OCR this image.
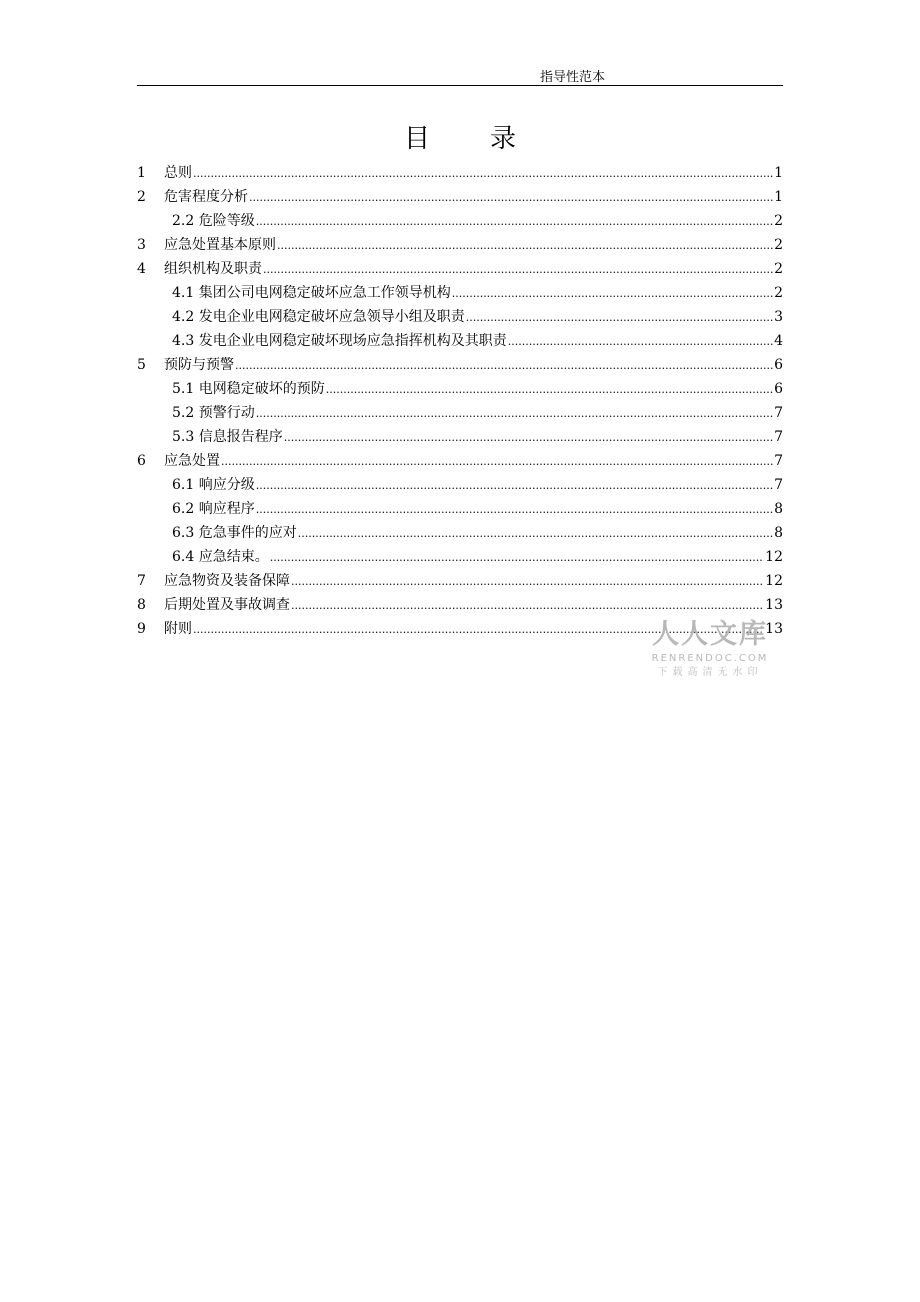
指导性范本
目录
1	总则 .....	1
2	危害程度分析 .....	1
2.2 危险等级 .....	2
3	应急处置基本原则 .....	2
4	组织机构及职责 .....	2
4.1 集团公司电网稳定破坏应急工作领导机构 .....	2
4.2 发电企业电网稳定破坏应急领导小组及职责 .....	3
4.3 发电企业电网稳定破坏现场应急指挥机构及其职责 .....	4
5	预防与预警 .....	6
5.1 电网稳定破坏的预防 .....	6
5.2 预警行动 .....	7
5.3 信息报告程序 .....	7
6	应急处置 .....	7
6.1 响应分级 .....	7
6.2 响应程序 .....	8
6.3 危急事件的应对 .....	8
6.4 应急结束。 .....	12
7	应急物资及装备保障 .....	12
8	后期处置及事故调查 .....	13
9	附则 .....	13
人人文库
RENRENDOC.COM
下载高清无水印
